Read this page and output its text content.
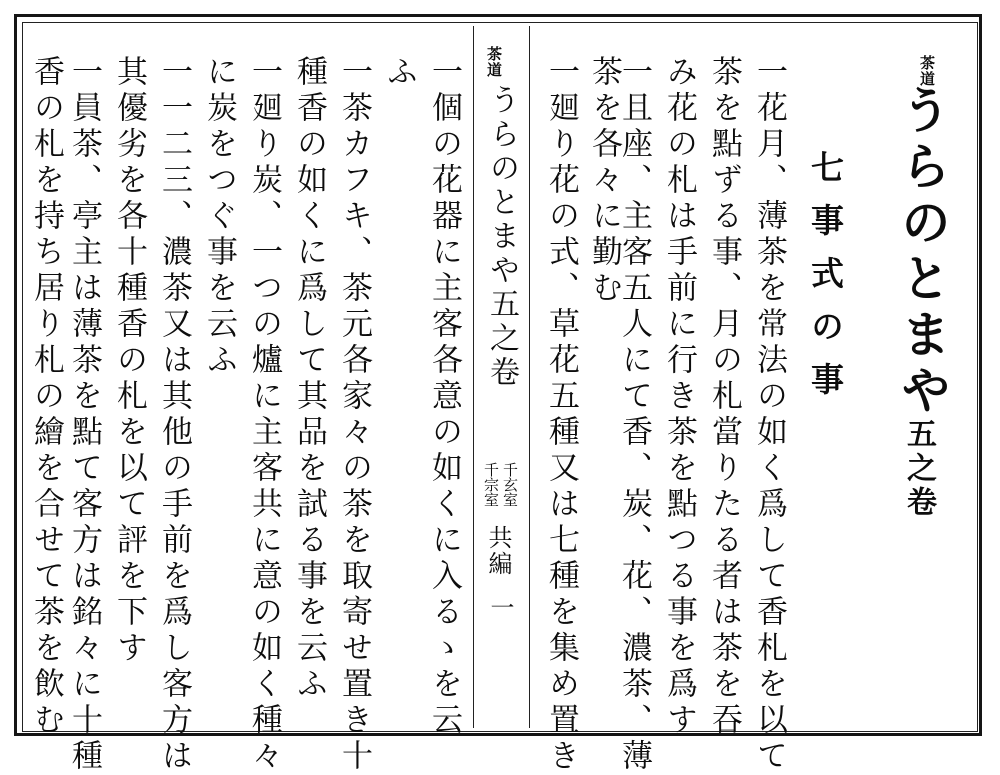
茶道
うらのとまや
五之卷
七事式の事
一花月、薄茶を常法の如く爲して香札を以て
茶を點ずる事、月の札當りたる者は茶を吞
み花の札は手前に行き茶を點つる事を爲す
一且座、主客五人にて香、炭、花、濃茶、薄
茶を各々に勤む
茶道
うらのとまや五之卷
千玄室
千宗室
共編
一
一個の花器に主客各意の如くに入るゝを云
ふ
一茶カフキ、茶元各家々の茶を取寄せ置き十
種香の如くに爲して其品を試る事を云ふ
一廻り炭、一つの爐に主客共に意の如く種々
に炭をつぐ事を云ふ
一一二三、濃茶又は其他の手前を爲し客方は
其優劣を各十種香の札を以て評を下す
一員茶、亭主は薄茶を點て客方は銘々に十種
香の札を持ち居り札の繪を合せて茶を飲む	一廻り花の式、草花五種又は七種を集め置き
